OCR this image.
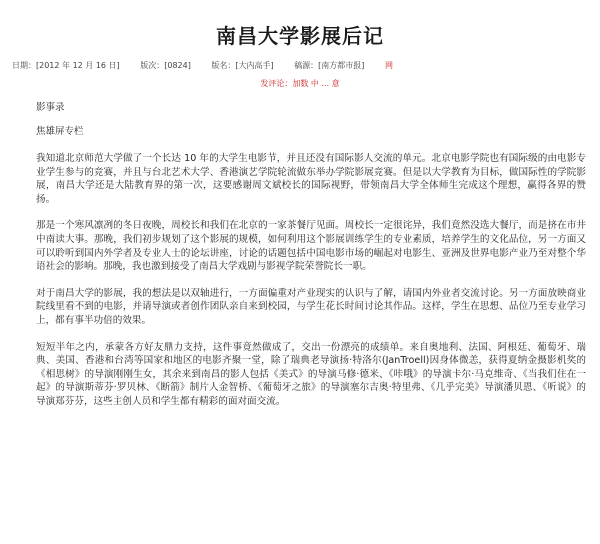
南昌大学影展后记
日期：[2012 年 12 月 16 日]	版次：[0824]	版名：[大内高手]	稿源：[南方都市报]	网
发评论：加数 中 ... 意
影事录
焦雄屏专栏

我知道北京师范大学做了一个长达 10 年的大学生电影节，并且还没有国际影人交流的单元。北京电影学院也有国际级的由电影专业学生参与的竞赛，并且与台北艺术大学、香港演艺学院轮流做东举办学院影展竞赛。但是以大学教育为目标，做国际性的学院影展，南昌大学还是大陆教育界的第一次，这要感谢周文斌校长的国际视野，带领南昌大学全体师生完成这个理想，赢得各界的赞扬。

那是一个寒风凛冽的冬日夜晚，周校长和我们在北京的一家茶餐厅见面。周校长一定很诧异，我们竟然没选大餐厅，而是挤在市井中南读大事。那晚，我们初步规划了这个影展的规模，如何利用这个影展训练学生的专业素质，培养学生的文化品位，另一方面又可以聆听到国内外学者及专业人士的论坛讲座，讨论的话题包括中国电影市场的崛起对电影生、亚洲及世界电影产业乃至对整个华语社会的影响。那晚，我也激到接受了南昌大学戏剧与影视学院荣誉院长一职。

对于南昌大学的影展，我的想法是以双轴进行，一方面偏重对产业现实的认识与了解，请国内外业者交流讨论。另一方面放映商业院线里看不到的电影，并请导演或者创作团队亲自来到校园，与学生花长时间讨论其作品。这样，学生在思想、品位乃至专业学习上，都有事半功倍的效果。

短短半年之内，承蒙各方好友鼎力支持，这件事竟然做成了，交出一份漂亮的成绩单。来自奥地利、法国、阿根廷、葡萄牙、瑞典、美国、香港和台湾等国家和地区的电影齐聚一堂，除了瑞典老导演扬·特洛尔(JanTroell)因身体微恙，获得夏纳金摄影机奖的《相思树》的导演刚刚生女，其余来到南昌的影人包括《美式》的导演马修·德米、《咔哦》的导演卡尔·马克维奇、《当我们住在一起》的导演斯蒂芬·罗贝林、《断箭》制片人金智桥、《葡萄牙之旅》的导演塞尔吉奥·特里弗、《几乎完美》导演潘贝恩、《听说》的导演郑芬芬，这些主创人员和学生都有精彩的面对面交流。
